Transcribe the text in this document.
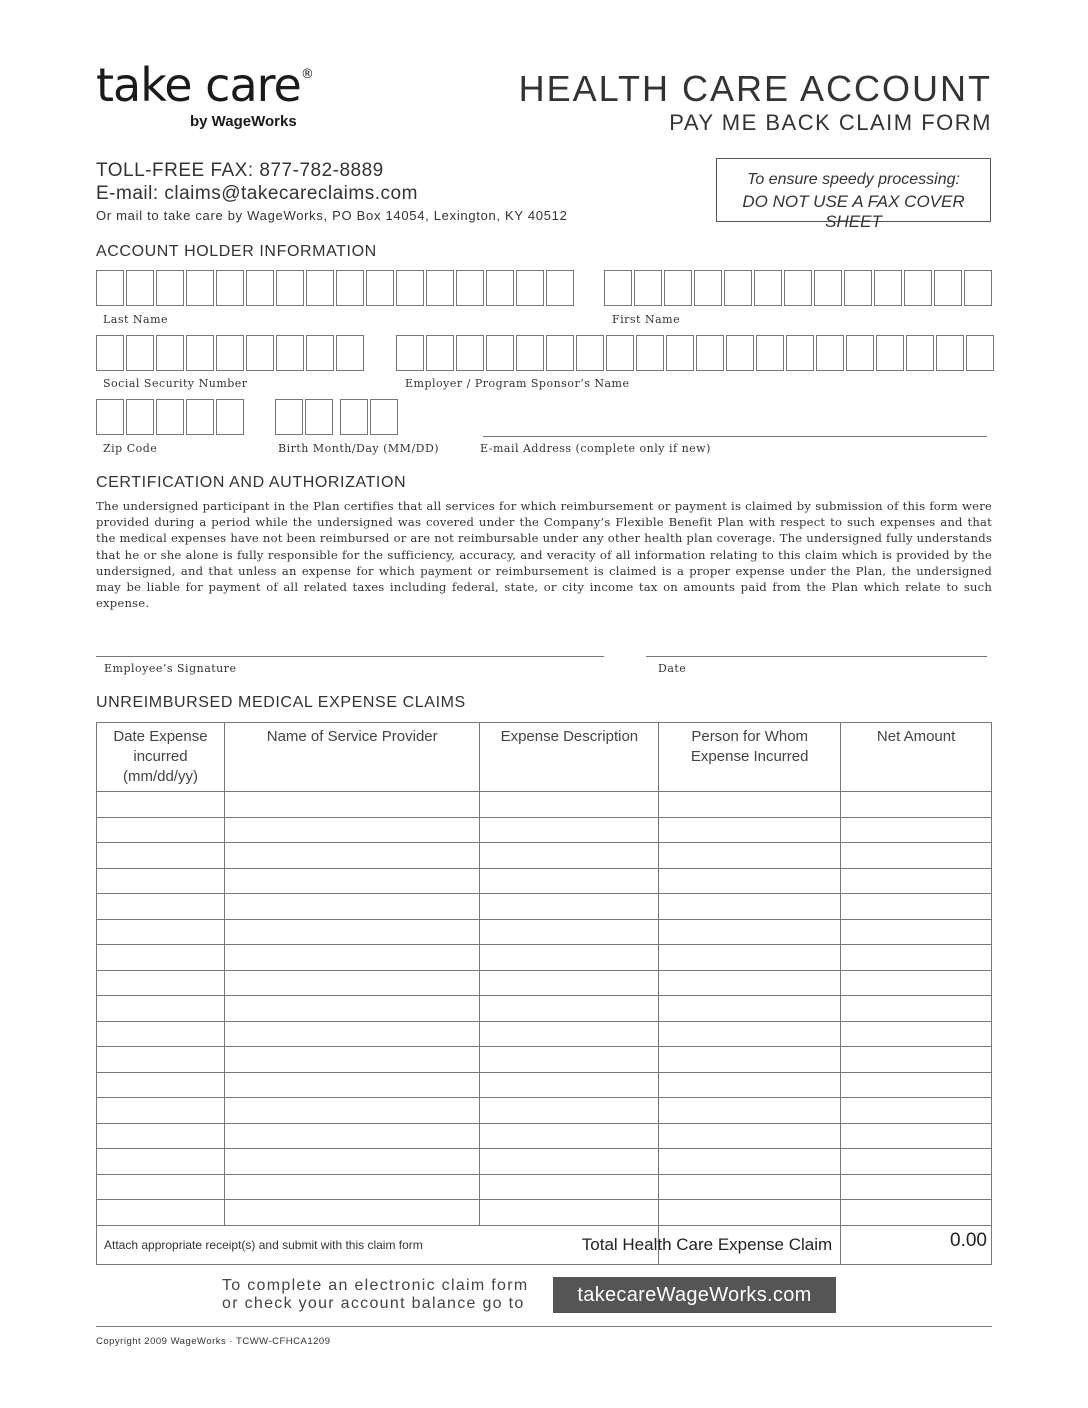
take care®
by WageWorks
HEALTH CARE ACCOUNT
PAY ME BACK CLAIM FORM
TOLL-FREE FAX: 877-782-8889
E-mail: claims@takecareclaims.com
Or mail to take care by WageWorks, PO Box 14054, Lexington, KY 40512
To ensure speedy processing:
DO NOT USE A FAX COVER SHEET
ACCOUNT HOLDER INFORMATION
Last Name	First Name
Social Security Number	Employer / Program Sponsor’s Name
Zip Code	Birth Month/Day (MM/DD)	E-mail Address (complete only if new)
CERTIFICATION AND AUTHORIZATION
The undersigned participant in the Plan certifies that all services for which reimbursement or payment is claimed by submission of this form were provided during a period while the undersigned was covered under the Company’s Flexible Benefit Plan with respect to such expenses and that the medical expenses have not been reimbursed or are not reimbursable under any other health plan coverage. The undersigned fully understands that he or she alone is fully responsible for the sufficiency, accuracy, and veracity of all information relating to this claim which is provided by the undersigned, and that unless an expense for which payment or reimbursement is claimed is a proper expense under the Plan, the undersigned may be liable for payment of all related taxes including federal, state, or city income tax on amounts paid from the Plan which relate to such expense.
Employee’s Signature	Date
UNREIMBURSED MEDICAL EXPENSE CLAIMS
Date Expense incurred (mm/dd/yy)	Name of Service Provider	Expense Description	Person for Whom Expense Incurred	Net Amount

Attach appropriate receipt(s) and submit with this claim form			Total Health Care Expense Claim	0.00
To complete an electronic claim form
or check your account balance go to	takecareWageWorks.com
Copyright 2009 WageWorks · TCWW-CFHCA1209
